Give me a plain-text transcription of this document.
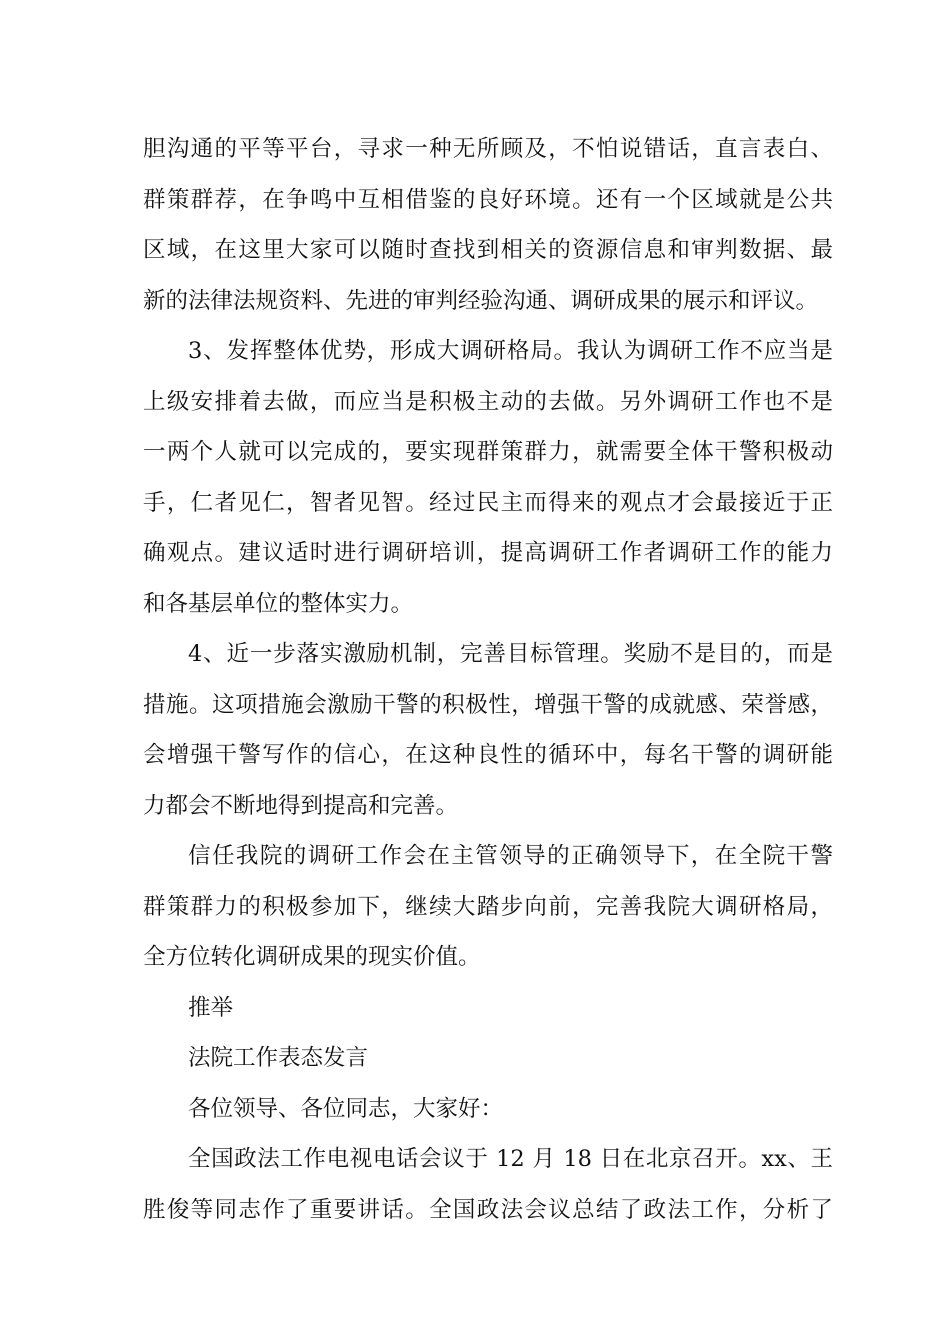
胆沟通的平等平台，寻求一种无所顾及，不怕说错话，直言表白、
群策群荐，在争鸣中互相借鉴的良好环境。还有一个区域就是公共
区域，在这里大家可以随时查找到相关的资源信息和审判数据、最
新的法律法规资料、先进的审判经验沟通、调研成果的展示和评议。
3、发挥整体优势，形成大调研格局。我认为调研工作不应当是
上级安排着去做，而应当是积极主动的去做。另外调研工作也不是
一两个人就可以完成的，要实现群策群力，就需要全体干警积极动
手，仁者见仁，智者见智。经过民主而得来的观点才会最接近于正
确观点。建议适时进行调研培训，提高调研工作者调研工作的能力
和各基层单位的整体实力。
4、近一步落实激励机制，完善目标管理。奖励不是目的，而是
措施。这项措施会激励干警的积极性，增强干警的成就感、荣誉感，
会增强干警写作的信心，在这种良性的循环中，每名干警的调研能
力都会不断地得到提高和完善。
信任我院的调研工作会在主管领导的正确领导下，在全院干警
群策群力的积极参加下，继续大踏步向前，完善我院大调研格局，
全方位转化调研成果的现实价值。
推举
法院工作表态发言
各位领导、各位同志，大家好：
全国政法工作电视电话会议于 12 月 18 日在北京召开。xx、王
胜俊等同志作了重要讲话。全国政法会议总结了政法工作，分析了
